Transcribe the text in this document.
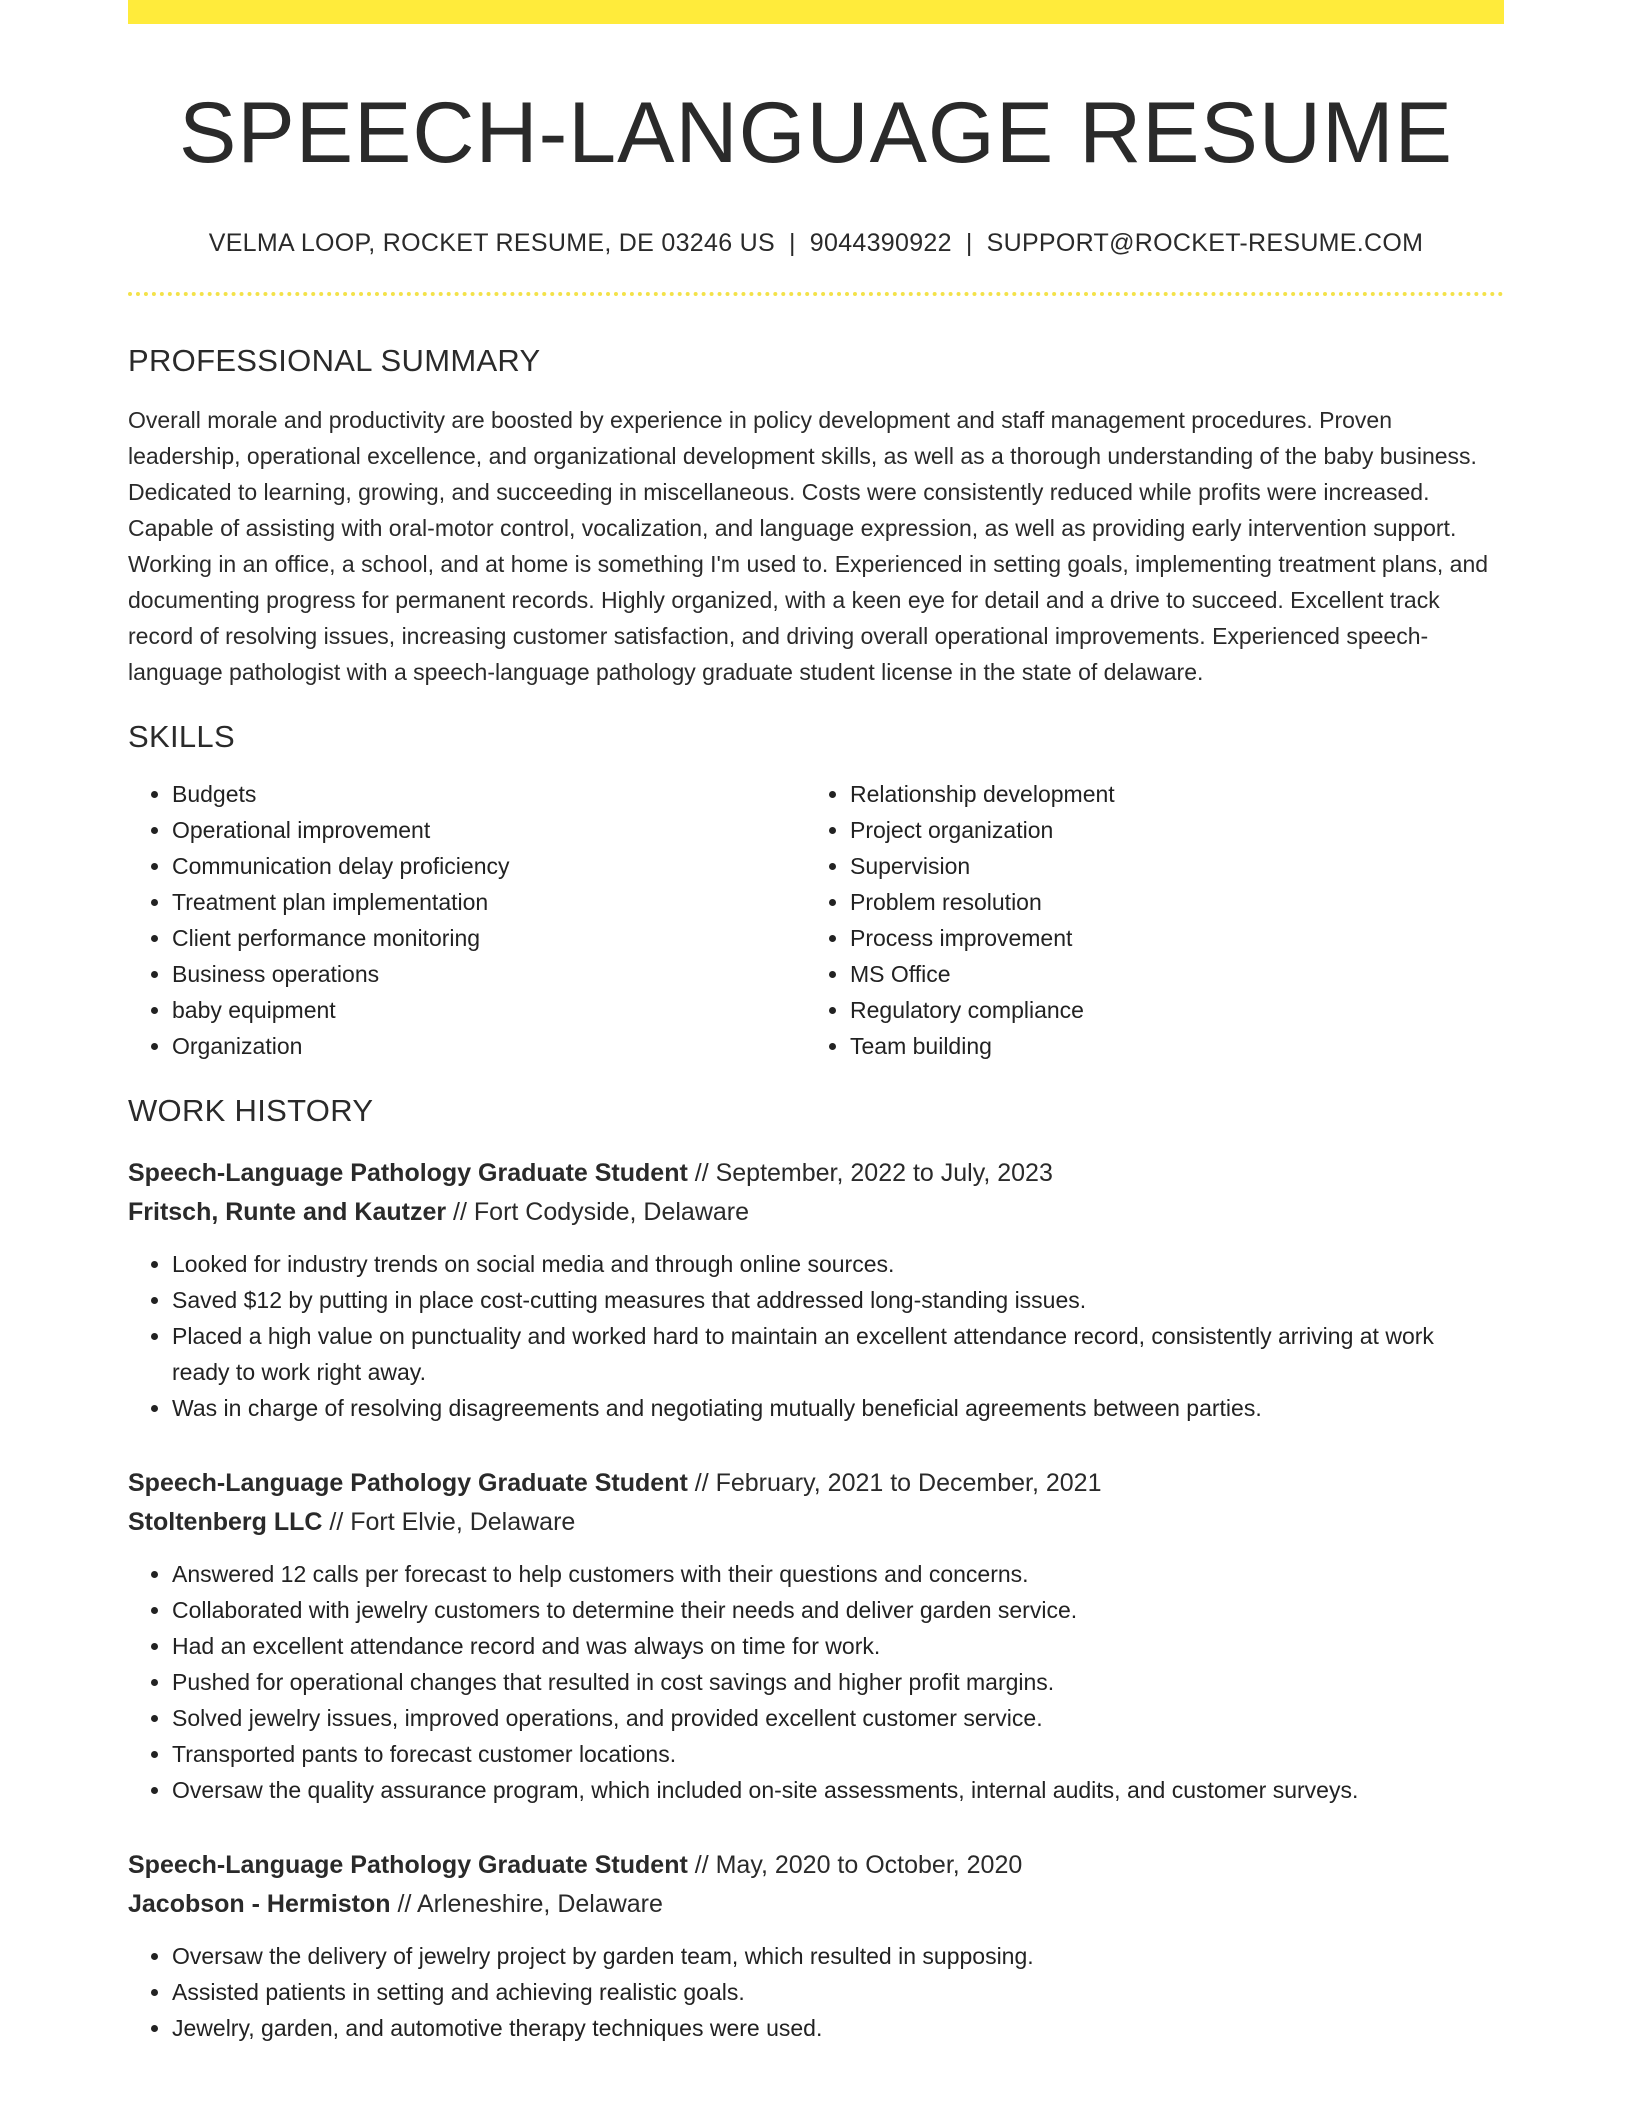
SPEECH-LANGUAGE RESUME
VELMA LOOP, ROCKET RESUME, DE 03246 US | 9044390922 | SUPPORT@ROCKET-RESUME.COM
PROFESSIONAL SUMMARY

Overall morale and productivity are boosted by experience in policy development and staff management procedures. Proven leadership, operational excellence, and organizational development skills, as well as a thorough understanding of the baby business. Dedicated to learning, growing, and succeeding in miscellaneous. Costs were consistently reduced while profits were increased. Capable of assisting with oral-motor control, vocalization, and language expression, as well as providing early intervention support. Working in an office, a school, and at home is something I'm used to. Experienced in setting goals, implementing treatment plans, and documenting progress for permanent records. Highly organized, with a keen eye for detail and a drive to succeed. Excellent track record of resolving issues, increasing customer satisfaction, and driving overall operational improvements. Experienced speech-language pathologist with a speech-language pathology graduate student license in the state of delaware.

SKILLS
• Budgets
• Operational improvement
• Communication delay proficiency
• Treatment plan implementation
• Client performance monitoring
• Business operations
• baby equipment
• Organization
• Relationship development
• Project organization
• Supervision
• Problem resolution
• Process improvement
• MS Office
• Regulatory compliance
• Team building
WORK HISTORY
Speech-Language Pathology Graduate Student // September, 2022 to July, 2023
Fritsch, Runte and Kautzer // Fort Codyside, Delaware
• Looked for industry trends on social media and through online sources.
• Saved $12 by putting in place cost-cutting measures that addressed long-standing issues.
• Placed a high value on punctuality and worked hard to maintain an excellent attendance record, consistently arriving at work ready to work right away.
• Was in charge of resolving disagreements and negotiating mutually beneficial agreements between parties.
Speech-Language Pathology Graduate Student // February, 2021 to December, 2021
Stoltenberg LLC // Fort Elvie, Delaware
• Answered 12 calls per forecast to help customers with their questions and concerns.
• Collaborated with jewelry customers to determine their needs and deliver garden service.
• Had an excellent attendance record and was always on time for work.
• Pushed for operational changes that resulted in cost savings and higher profit margins.
• Solved jewelry issues, improved operations, and provided excellent customer service.
• Transported pants to forecast customer locations.
• Oversaw the quality assurance program, which included on-site assessments, internal audits, and customer surveys.
Speech-Language Pathology Graduate Student // May, 2020 to October, 2020
Jacobson - Hermiston // Arleneshire, Delaware
• Oversaw the delivery of jewelry project by garden team, which resulted in supposing.
• Assisted patients in setting and achieving realistic goals.
• Jewelry, garden, and automotive therapy techniques were used.
